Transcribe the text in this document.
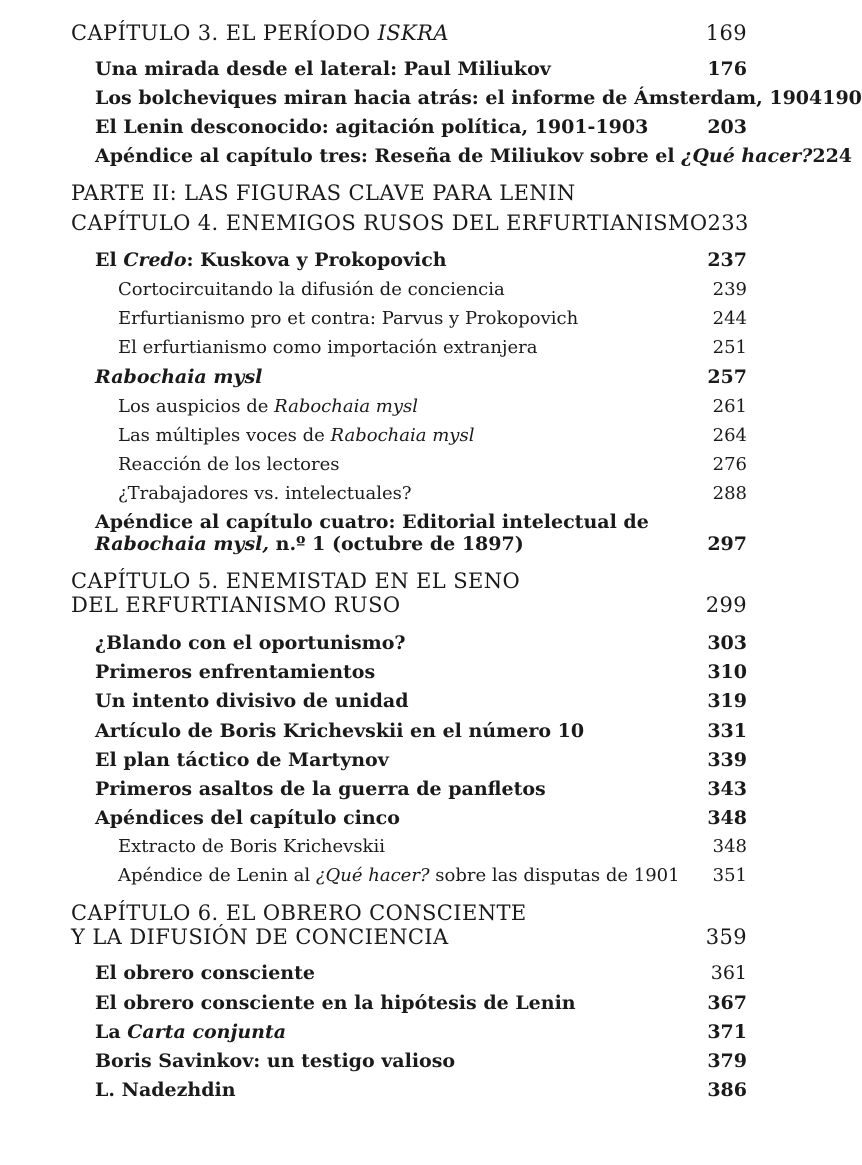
CAPÍTULO 3. EL PERÍODO ISKRA	169
Una mirada desde el lateral: Paul Miliukov	176
Los bolcheviques miran hacia atrás: el informe de Ámsterdam, 1904 190
El Lenin desconocido: agitación política, 1901-1903	203
Apéndice al capítulo tres: Reseña de Miliukov sobre el ¿Qué hacer? 224
PARTE II: LAS FIGURAS CLAVE PARA LENIN
CAPÍTULO 4. ENEMIGOS RUSOS DEL ERFURTIANISMO 233
El Credo: Kuskova y Prokopovich	237
Cortocircuitando la difusión de conciencia	239
Erfurtianismo pro et contra: Parvus y Prokopovich	244
El erfurtianismo como importación extranjera	251
Rabochaia mysl	257
Los auspicios de Rabochaia mysl	261
Las múltiples voces de Rabochaia mysl	264
Reacción de los lectores	276
¿Trabajadores vs. intelectuales?	288
Apéndice al capítulo cuatro: Editorial intelectual de
Rabochaia mysl, n.º 1 (octubre de 1897)	297
CAPÍTULO 5. ENEMISTAD EN EL SENO
DEL ERFURTIANISMO RUSO	299
¿Blando con el oportunismo?	303
Primeros enfrentamientos	310
Un intento divisivo de unidad	319
Artículo de Boris Krichevskii en el número 10	331
El plan táctico de Martynov	339
Primeros asaltos de la guerra de panfletos	343
Apéndices del capítulo cinco	348
Extracto de Boris Krichevskii	348
Apéndice de Lenin al ¿Qué hacer? sobre las disputas de 1901 351
CAPÍTULO 6. EL OBRERO CONSCIENTE
Y LA DIFUSIÓN DE CONCIENCIA	359
El obrero consciente	361
El obrero consciente en la hipótesis de Lenin	367
La Carta conjunta	371
Boris Savinkov: un testigo valioso	379
L. Nadezhdin	386
